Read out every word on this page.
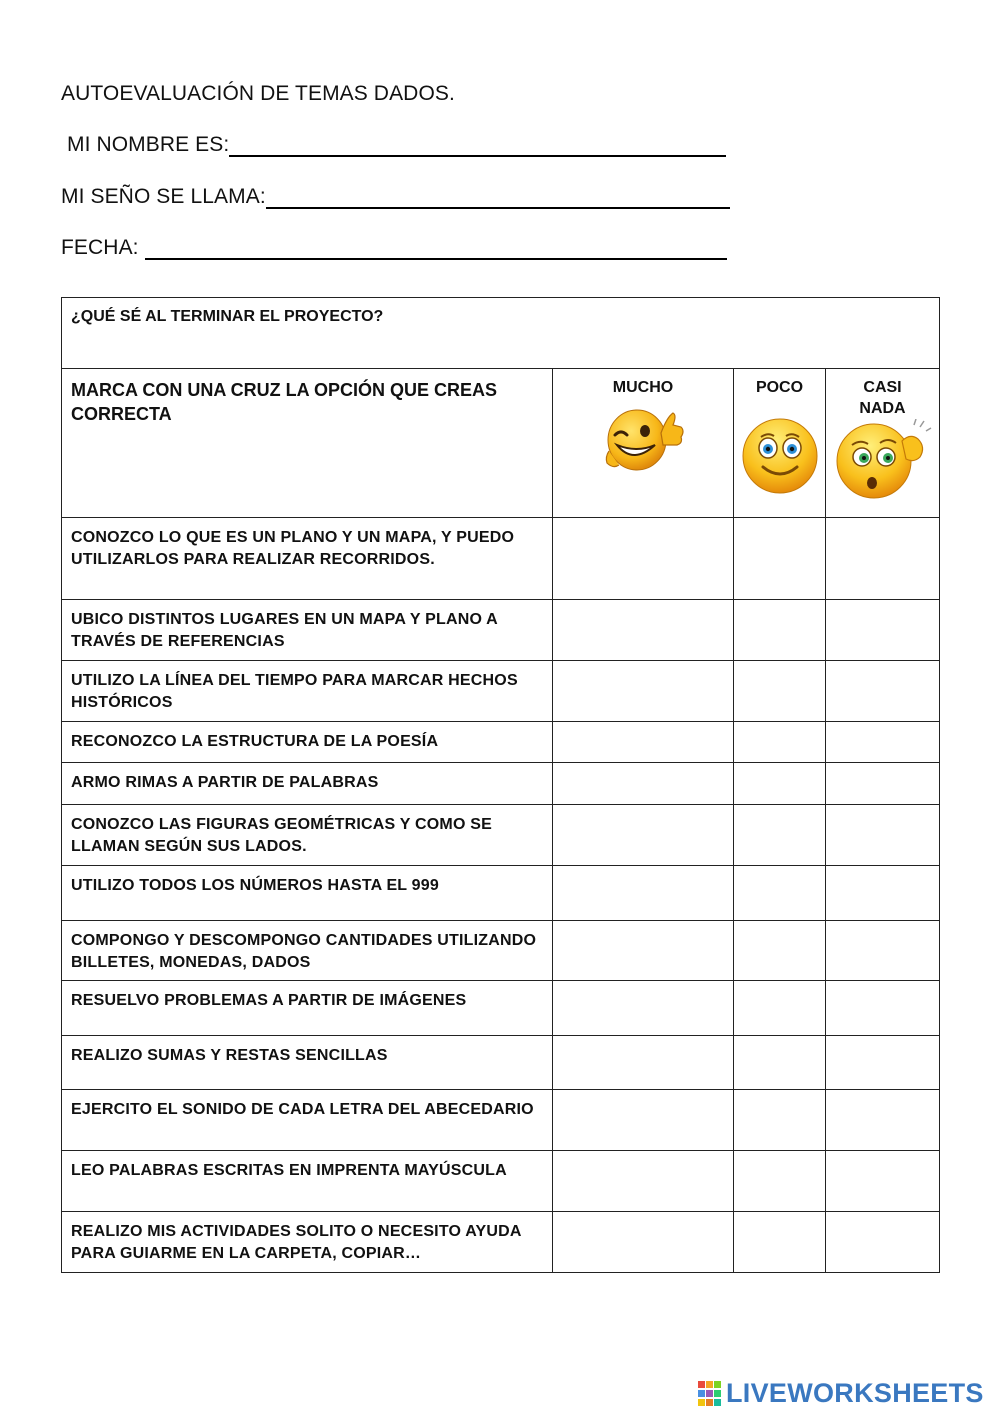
AUTOEVALUACIÓN DE TEMAS DADOS.
MI NOMBRE ES:
MI SEÑO SE LLAMA:
FECHA:
¿QUÉ SÉ AL TERMINAR EL PROYECTO?			
MARCA CON UNA CRUZ LA OPCIÓN QUE CREAS CORRECTA	MUCHO	POCO	CASI NADA

CONOZCO LO QUE ES UN PLANO Y UN MAPA, Y PUEDO UTILIZARLOS PARA REALIZAR RECORRIDOS.			
UBICO DISTINTOS LUGARES EN UN MAPA Y PLANO A TRAVÉS DE REFERENCIAS			
UTILIZO LA LÍNEA DEL TIEMPO PARA MARCAR HECHOS HISTÓRICOS			
RECONOZCO LA ESTRUCTURA DE LA POESÍA			
ARMO RIMAS A PARTIR DE PALABRAS			
CONOZCO LAS FIGURAS GEOMÉTRICAS Y COMO SE LLAMAN SEGÚN SUS LADOS.			
UTILIZO TODOS LOS NÚMEROS HASTA EL 999			
COMPONGO Y DESCOMPONGO CANTIDADES UTILIZANDO BILLETES, MONEDAS, DADOS			
RESUELVO PROBLEMAS A PARTIR DE IMÁGENES			
REALIZO SUMAS Y RESTAS SENCILLAS			
EJERCITO EL SONIDO DE CADA LETRA DEL ABECEDARIO			
LEO PALABRAS ESCRITAS EN IMPRENTA MAYÚSCULA			
REALIZO MIS ACTIVIDADES SOLITO O NECESITO AYUDA PARA GUIARME EN LA CARPETA, COPIAR…			
LIVEWORKSHEETS
